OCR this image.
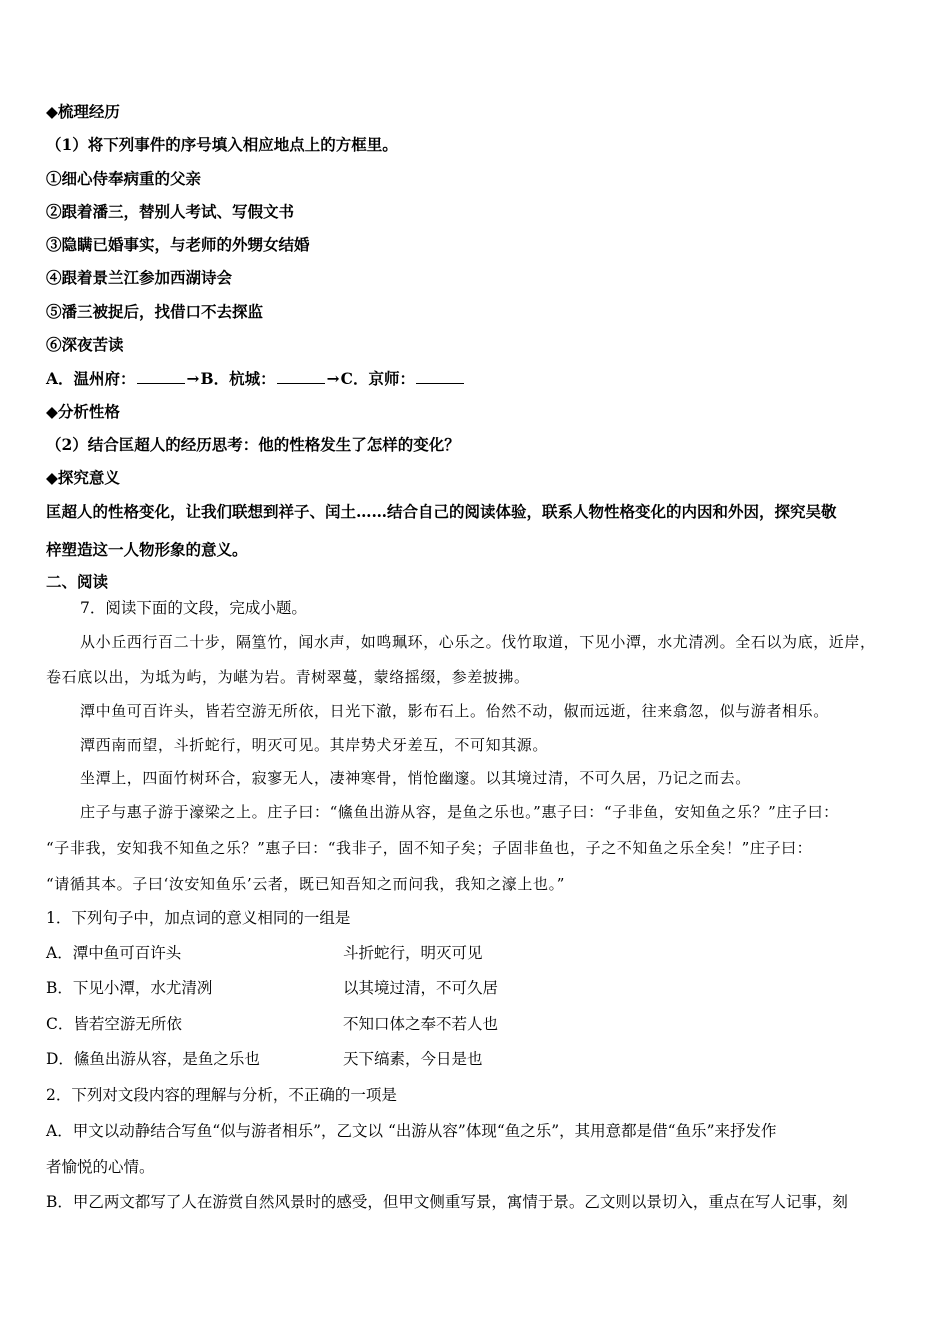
◆梳理经历
（1）将下列事件的序号填入相应地点上的方框里。
①细心侍奉病重的父亲
②跟着潘三，替别人考试、写假文书
③隐瞒已婚事实，与老师的外甥女结婚
④跟着景兰江参加西湖诗会
⑤潘三被捉后，找借口不去探监
⑥深夜苦读
A．温州府：	→B．杭城：	→C．京师：
◆分析性格
（2）结合匡超人的经历思考：他的性格发生了怎样的变化？
◆探究意义
匡超人的性格变化，让我们联想到祥子、闰土……结合自己的阅读体验，联系人物性格变化的内因和外因，探究吴敬
梓塑造这一人物形象的意义。
二、阅读
7．阅读下面的文段，完成小题。
从小丘西行百二十步，隔篁竹，闻水声，如鸣珮环，心乐之。伐竹取道，下见小潭，水尤清冽。全石以为底，近岸，
卷石底以出，为坻为屿，为嵁为岩。青树翠蔓，蒙络摇缀，参差披拂。
潭中鱼可百许头，皆若空游无所依，日光下澈，影布石上。佁然不动，俶而远逝，往来翕忽，似与游者相乐。
潭西南而望，斗折蛇行，明灭可见。其岸势犬牙差互，不可知其源。
坐潭上，四面竹树环合，寂寥无人，凄神寒骨，悄怆幽邃。以其境过清，不可久居，乃记之而去。
庄子与惠子游于濠梁之上。庄子曰：“鯈鱼出游从容，是鱼之乐也。”惠子曰：“子非鱼，安知鱼之乐？”庄子曰：
“子非我，安知我不知鱼之乐？”惠子曰：“我非子，固不知子矣；子固非鱼也，子之不知鱼之乐全矣！”庄子曰：
“请循其本。子曰‘汝安知鱼乐’云者，既已知吾知之而问我，我知之濠上也。”
1．下列句子中，加点词的意义相同的一组是
A．潭中鱼可百许头	斗折蛇行，明灭可见
B．下见小潭，水尤清冽	以其境过清，不可久居
C．皆若空游无所依	不知口体之奉不若人也
D．鯈鱼出游从容，是鱼之乐也	天下缟素，今日是也
2．下列对文段内容的理解与分析，不正确的一项是
A．甲文以动静结合写鱼“似与游者相乐”，乙文以 “出游从容”体现“鱼之乐”，其用意都是借“鱼乐”来抒发作
者愉悦的心情。
B．甲乙两文都写了人在游赏自然风景时的感受，但甲文侧重写景，寓情于景。乙文则以景切入，重点在写人记事，刻
